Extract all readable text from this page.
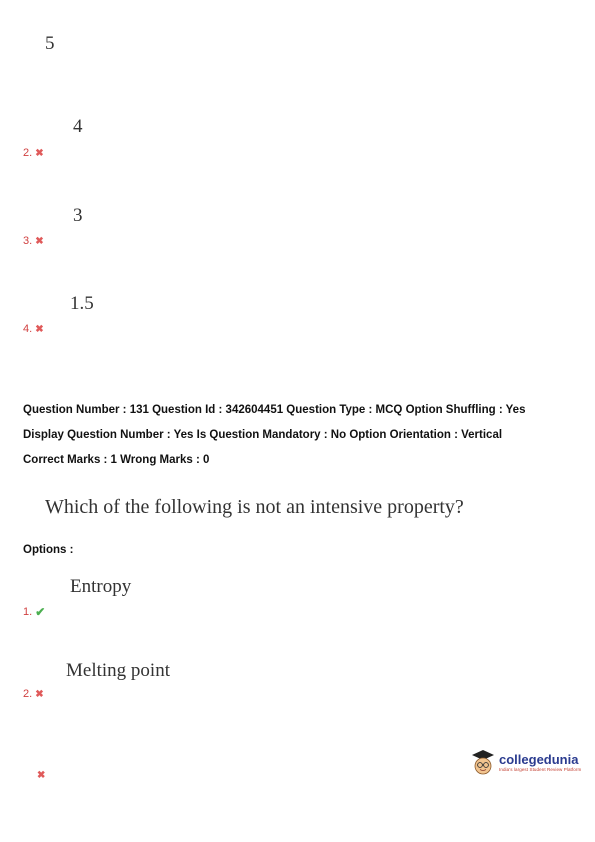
5
4
2. ✖
3
3. ✖
1.5
4. ✖
Question Number : 131 Question Id : 342604451 Question Type : MCQ Option Shuffling : Yes
Display Question Number : Yes Is Question Mandatory : No Option Orientation : Vertical
Correct Marks : 1 Wrong Marks : 0
Which of the following is not an intensive property?
Options :
Entropy
1. ✔
Melting point
2. ✖
✖
collegedunia
India's largest Student Review Platform
